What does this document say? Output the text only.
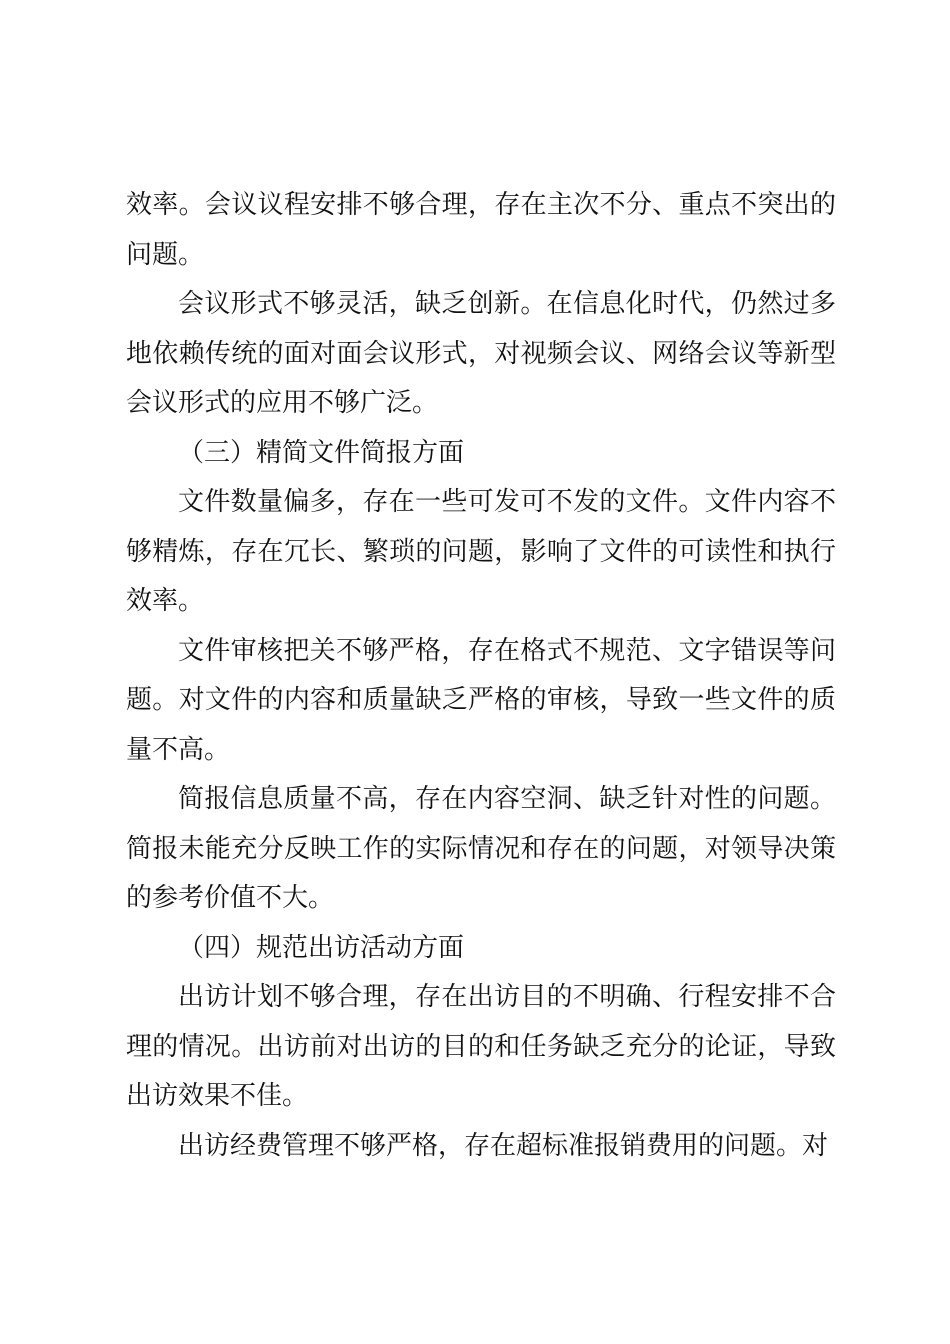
效率。会议议程安排不够合理，存在主次不分、重点不突出的问题。

会议形式不够灵活，缺乏创新。在信息化时代，仍然过多地依赖传统的面对面会议形式，对视频会议、网络会议等新型会议形式的应用不够广泛。

（三）精简文件简报方面

文件数量偏多，存在一些可发可不发的文件。文件内容不够精炼，存在冗长、繁琐的问题，影响了文件的可读性和执行效率。

文件审核把关不够严格，存在格式不规范、文字错误等问题。对文件的内容和质量缺乏严格的审核，导致一些文件的质量不高。

简报信息质量不高，存在内容空洞、缺乏针对性的问题。简报未能充分反映工作的实际情况和存在的问题，对领导决策的参考价值不大。

（四）规范出访活动方面

出访计划不够合理，存在出访目的不明确、行程安排不合理的情况。出访前对出访的目的和任务缺乏充分的论证，导致出访效果不佳。

出访经费管理不够严格，存在超标准报销费用的问题。对
